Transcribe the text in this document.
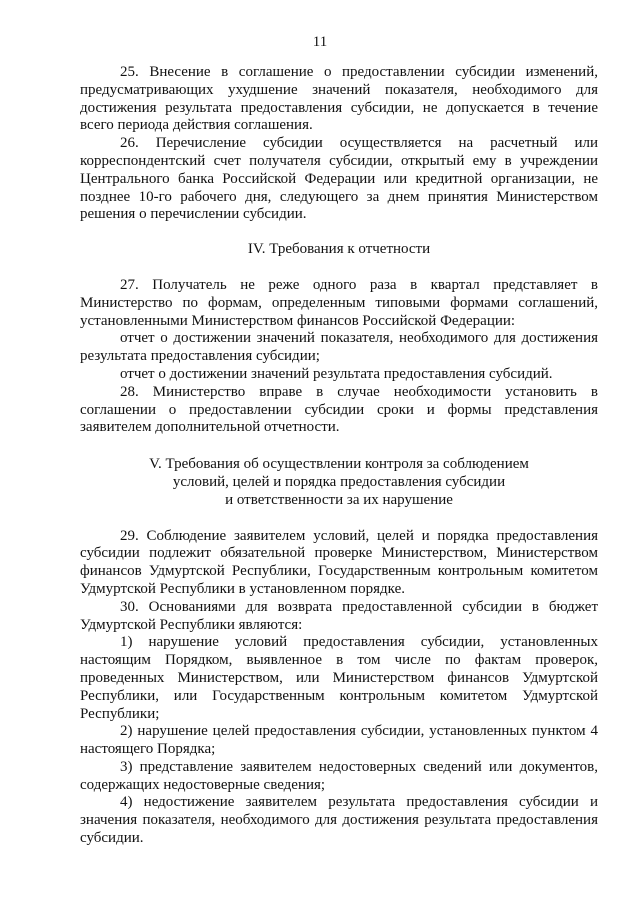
11

25. Внесение в соглашение о предоставлении субсидии изменений, предусматривающих ухудшение значений показателя, необходимого для достижения результата предоставления субсидии, не допускается в течение всего периода действия соглашения.

26. Перечисление субсидии осуществляется на расчетный или корреспондентский счет получателя субсидии, открытый ему в учреждении Центрального банка Российской Федерации или кредитной организации, не позднее 10-го рабочего дня, следующего за днем принятия Министерством решения о перечислении субсидии.

IV. Требования к отчетности

27. Получатель не реже одного раза в квартал представляет в Министерство по формам, определенным типовыми формами соглашений, установленными Министерством финансов Российской Федерации:

отчет о достижении значений показателя, необходимого для достижения результата предоставления субсидии;

отчет о достижении значений результата предоставления субсидий.

28. Министерство вправе в случае необходимости установить в соглашении о предоставлении субсидии сроки и формы представления заявителем дополнительной отчетности.

V. Требования об осуществлении контроля за соблюдением
условий, целей и порядка предоставления субсидии
и ответственности за их нарушение

29. Соблюдение заявителем условий, целей и порядка предоставления субсидии подлежит обязательной проверке Министерством, Министерством финансов Удмуртской Республики, Государственным контрольным комитетом Удмуртской Республики в установленном порядке.

30. Основаниями для возврата предоставленной субсидии в бюджет Удмуртской Республики являются:

1) нарушение условий предоставления субсидии, установленных настоящим Порядком, выявленное в том числе по фактам проверок, проведенных Министерством, или Министерством финансов Удмуртской Республики, или Государственным контрольным комитетом Удмуртской Республики;

2) нарушение целей предоставления субсидии, установленных пунктом 4 настоящего Порядка;

3) представление заявителем недостоверных сведений или документов, содержащих недостоверные сведения;

4) недостижение заявителем результата предоставления субсидии и значения показателя, необходимого для достижения результата предоставления субсидии.
